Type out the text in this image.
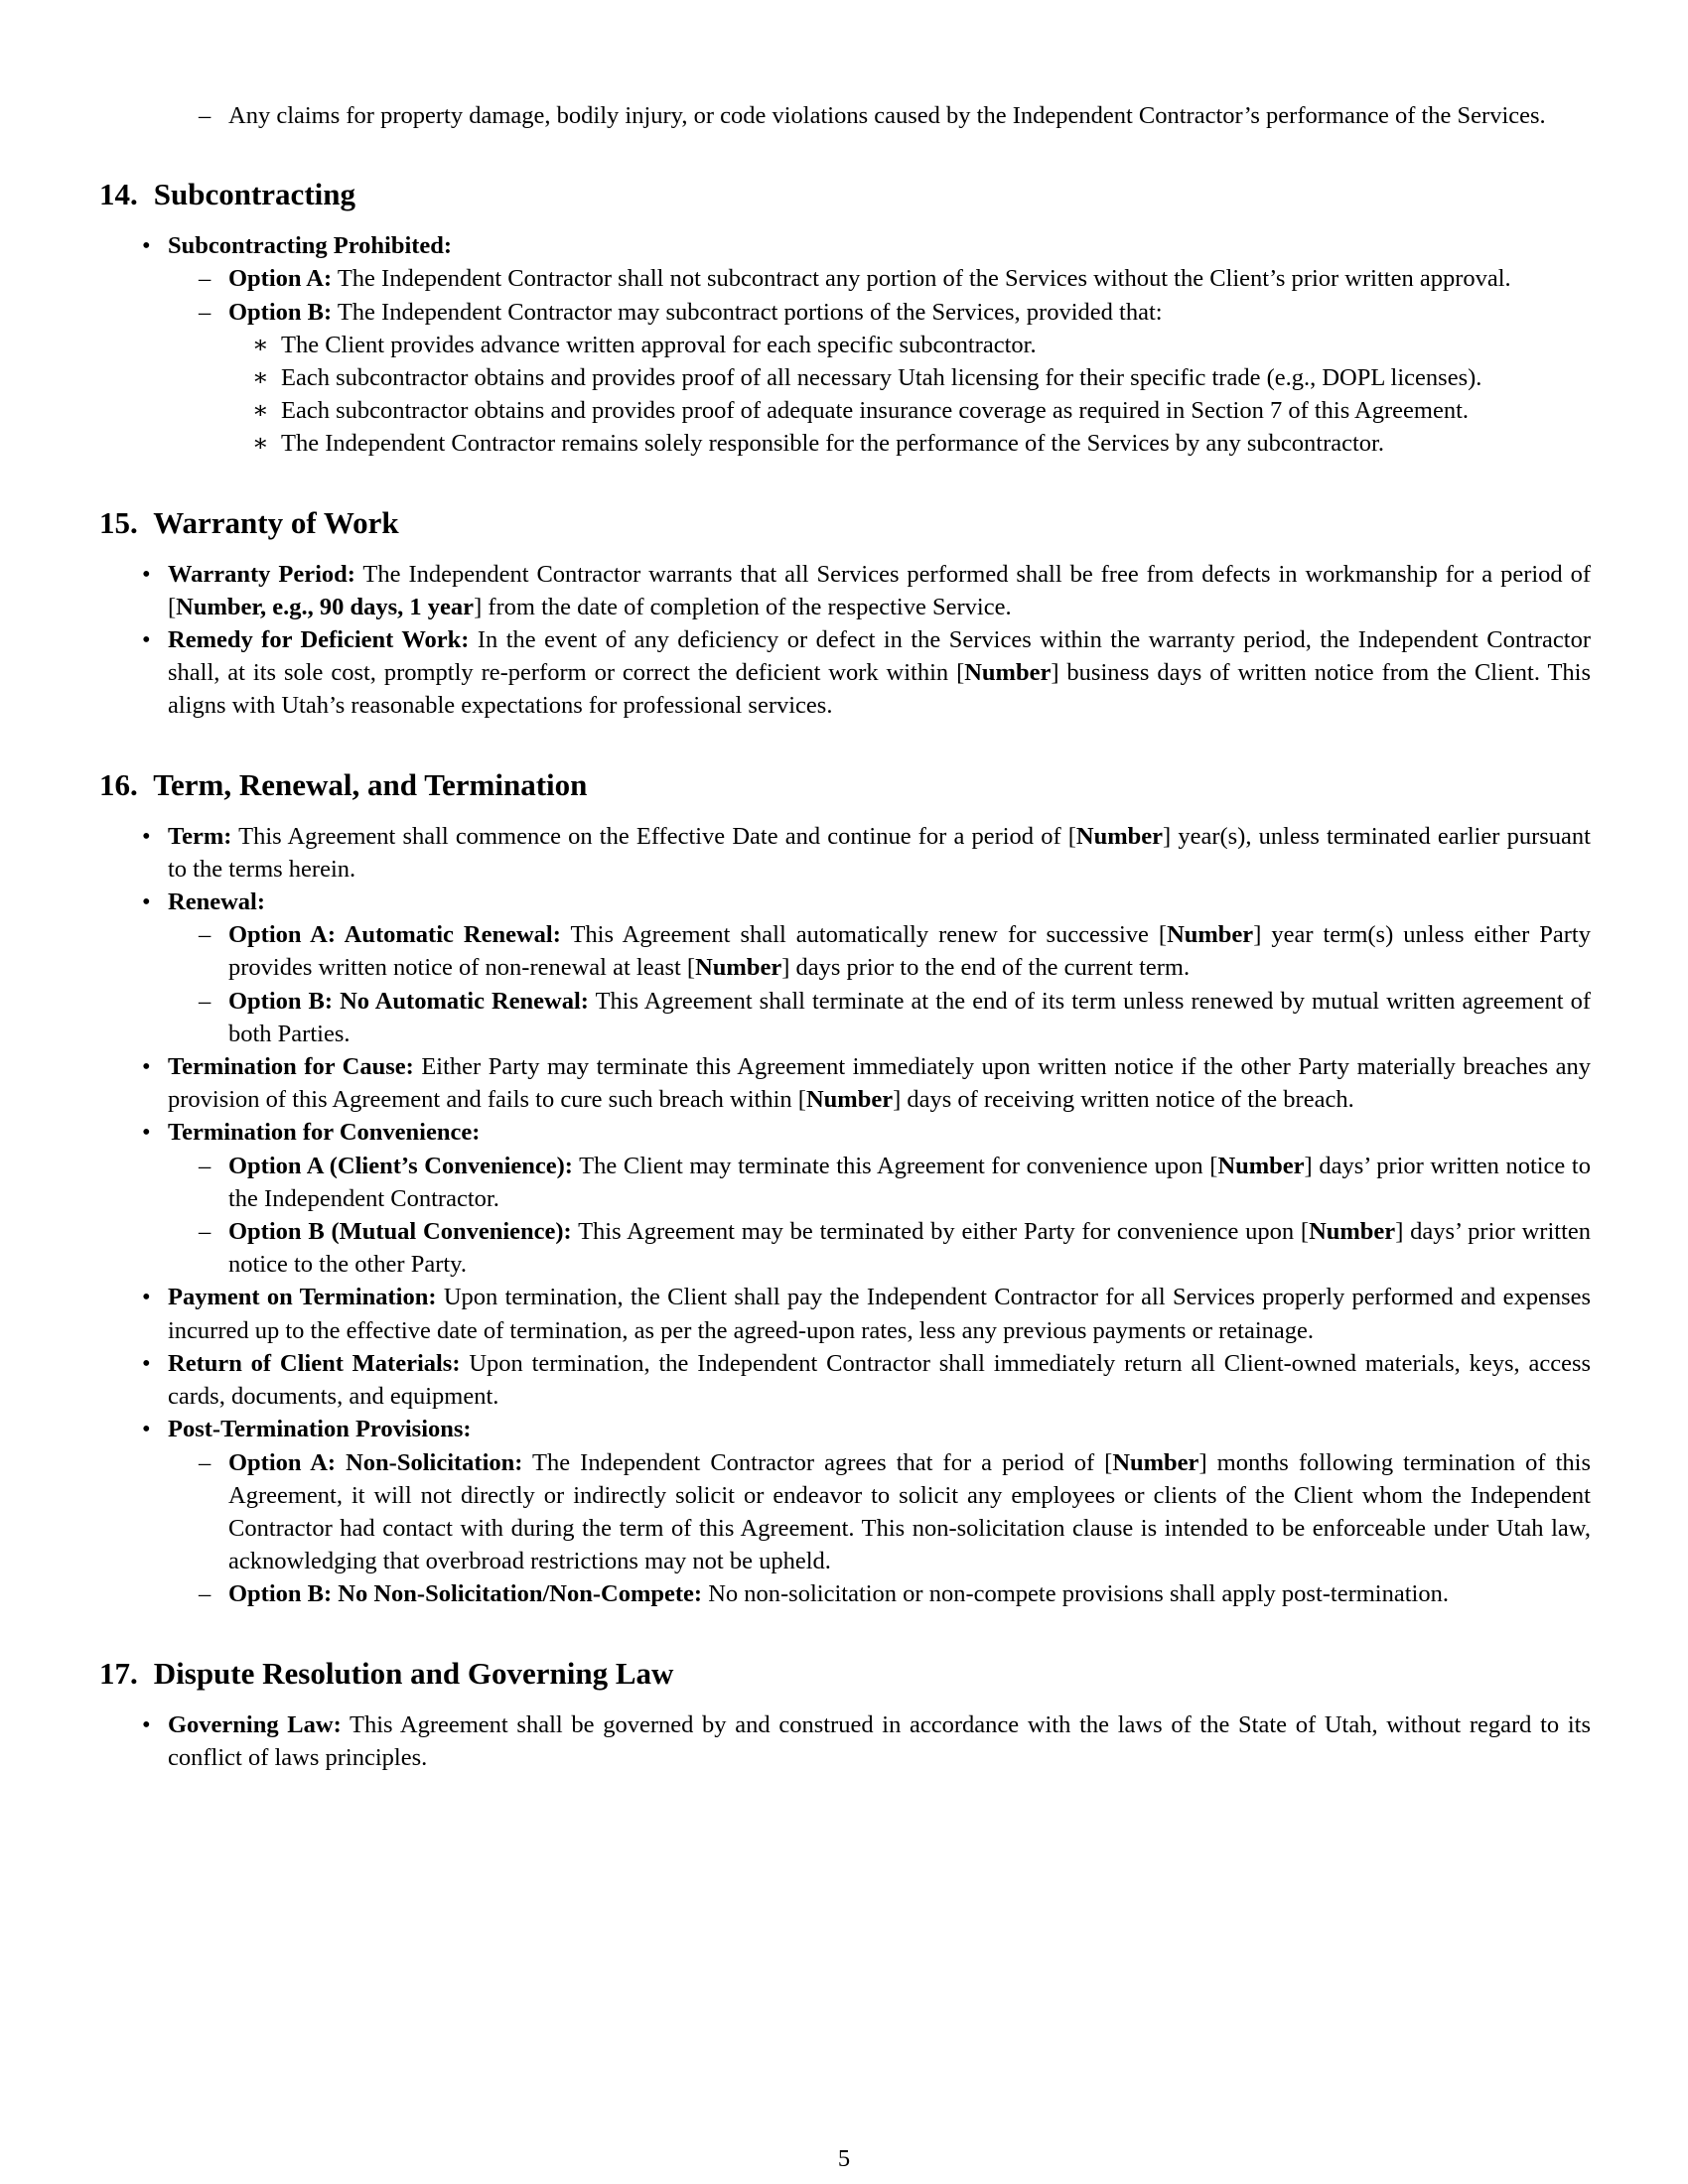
– Any claims for property damage, bodily injury, or code violations caused by the Independent Contractor’s performance of the Services.
14. Subcontracting
• Subcontracting Prohibited:
– Option A: The Independent Contractor shall not subcontract any portion of the Services without the Client’s prior written approval.
– Option B: The Independent Contractor may subcontract portions of the Services, provided that:
∗ The Client provides advance written approval for each specific subcontractor.
∗ Each subcontractor obtains and provides proof of all necessary Utah licensing for their specific trade (e.g., DOPL licenses).
∗ Each subcontractor obtains and provides proof of adequate insurance coverage as required in Section 7 of this Agreement.
∗ The Independent Contractor remains solely responsible for the performance of the Services by any subcontractor.
15. Warranty of Work
• Warranty Period: The Independent Contractor warrants that all Services performed shall be free from defects in workmanship for a period of [Number, e.g., 90 days, 1 year] from the date of completion of the respective Service.
• Remedy for Deficient Work: In the event of any deficiency or defect in the Services within the warranty period, the Independent Contractor shall, at its sole cost, promptly re-perform or correct the deficient work within [Number] business days of written notice from the Client. This aligns with Utah’s reasonable expectations for professional services.
16. Term, Renewal, and Termination
• Term: This Agreement shall commence on the Effective Date and continue for a period of [Number] year(s), unless terminated earlier pursuant to the terms herein.
• Renewal:
– Option A: Automatic Renewal: This Agreement shall automatically renew for successive [Number] year term(s) unless either Party provides written notice of non-renewal at least [Number] days prior to the end of the current term.
– Option B: No Automatic Renewal: This Agreement shall terminate at the end of its term unless renewed by mutual written agreement of both Parties.
• Termination for Cause: Either Party may terminate this Agreement immediately upon written notice if the other Party materially breaches any provision of this Agreement and fails to cure such breach within [Number] days of receiving written notice of the breach.
• Termination for Convenience:
– Option A (Client’s Convenience): The Client may terminate this Agreement for convenience upon [Number] days’ prior written notice to the Independent Contractor.
– Option B (Mutual Convenience): This Agreement may be terminated by either Party for convenience upon [Number] days’ prior written notice to the other Party.
• Payment on Termination: Upon termination, the Client shall pay the Independent Contractor for all Services properly performed and expenses incurred up to the effective date of termination, as per the agreed-upon rates, less any previous payments or retainage.
• Return of Client Materials: Upon termination, the Independent Contractor shall immediately return all Client-owned materials, keys, access cards, documents, and equipment.
• Post-Termination Provisions:
– Option A: Non-Solicitation: The Independent Contractor agrees that for a period of [Number] months following termination of this Agreement, it will not directly or indirectly solicit or endeavor to solicit any employees or clients of the Client whom the Independent Contractor had contact with during the term of this Agreement. This non-solicitation clause is intended to be enforceable under Utah law, acknowledging that overbroad restrictions may not be upheld.
– Option B: No Non-Solicitation/Non-Compete: No non-solicitation or non-compete provisions shall apply post-termination.
17. Dispute Resolution and Governing Law
• Governing Law: This Agreement shall be governed by and construed in accordance with the laws of the State of Utah, without regard to its conflict of laws principles.
5
